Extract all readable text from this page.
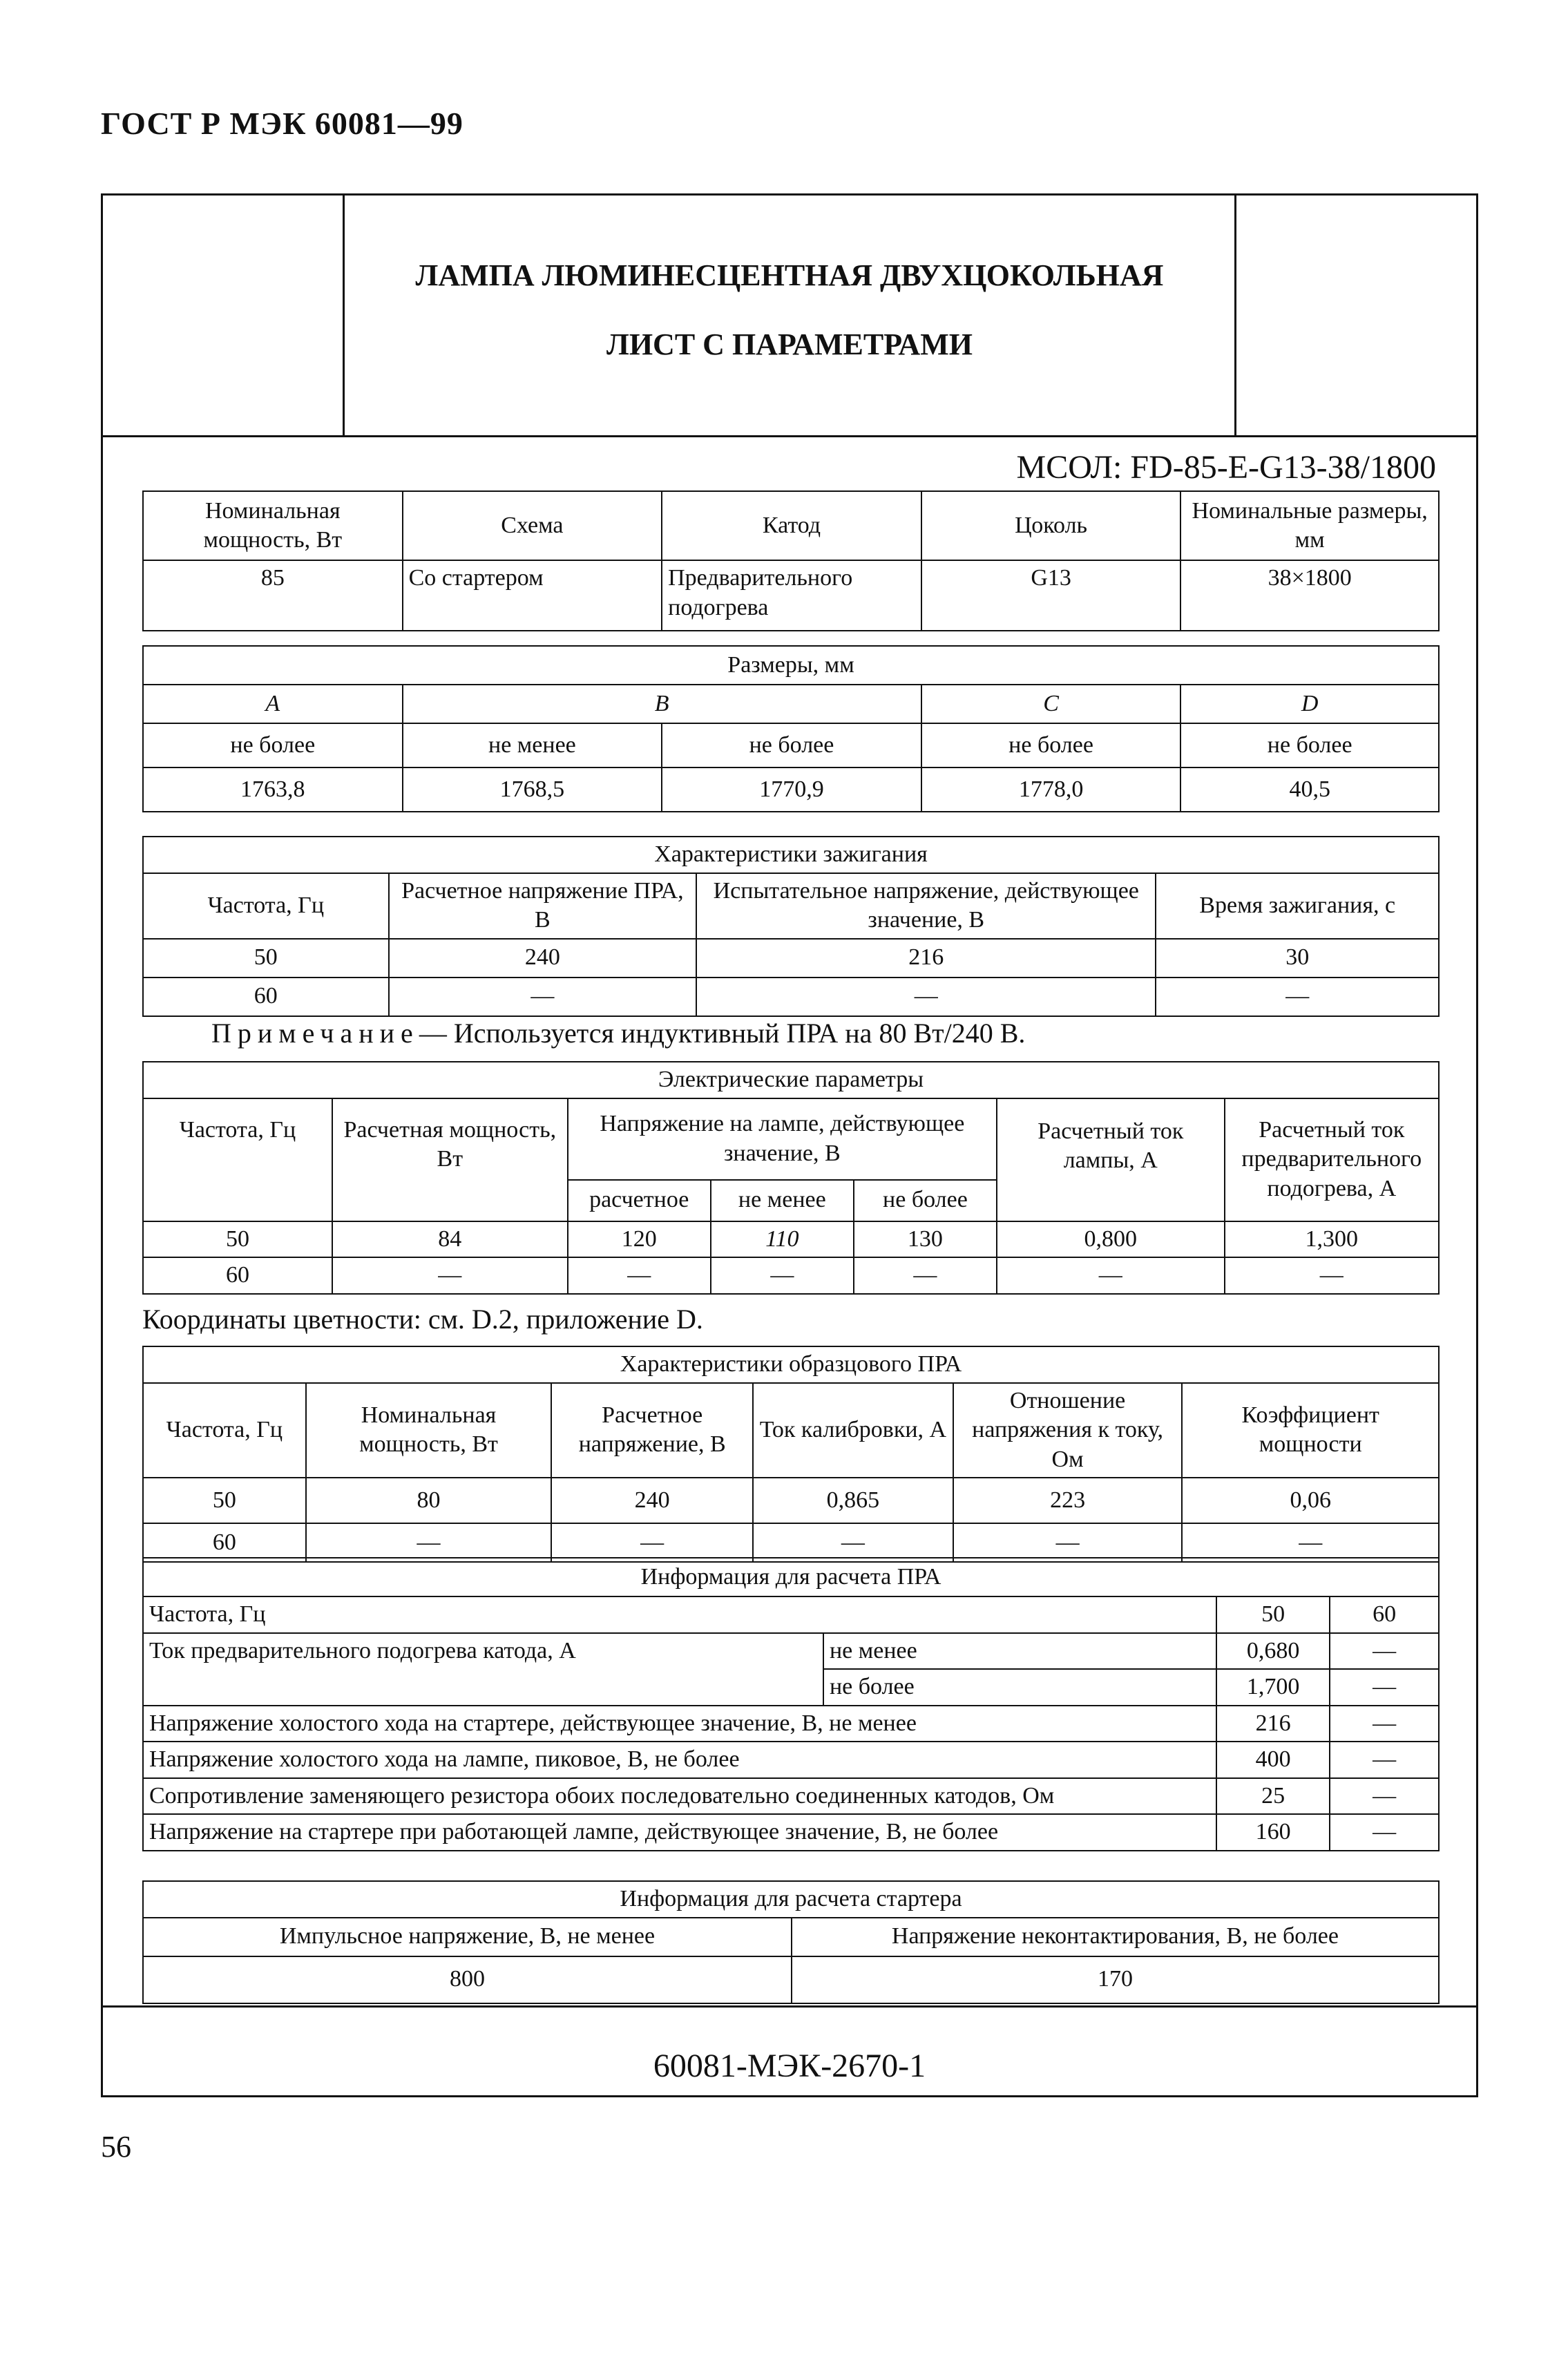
ГОСТ Р МЭК 60081—99
ЛАМПА ЛЮМИНЕСЦЕНТНАЯ ДВУХЦОКОЛЬНАЯ
ЛИСТ С ПАРАМЕТРАМИ
МСОЛ: FD-85-E-G13-38/1800
60081-МЭК-2670-1
Номинальная мощность, Вт	Схема	Катод	Цоколь	Номинальные размеры, мм
85	Со стартером	Предварительного подогрева	G13	38×1800
Размеры, мм				
A	B		C	D
не более	не менее	не более	не более	не более
1763,8	1768,5	1770,9	1778,0	40,5
Характеристики зажигания			
Частота, Гц	Расчетное напряжение ПРА, В	Испытательное напряжение, действующее значение, В	Время зажигания, с
50	240	216	30
60	—	—	—
Примечание— Используется индуктивный ПРА на 80 Вт/240 В.
Электрические параметры						
Частота, Гц	Расчетная мощность, Вт	Напряжение на лампе, действующее значение, В			Расчетный ток лампы, А	Расчетный ток предварительного подогрева, А
		расчетное	не менее	не более		
50	84	120	110	130	0,800	1,300
60	—	—	—	—	—	—
Координаты цветности: см. D.2, приложение D.
Характеристики образцового ПРА					
Частота, Гц	Номинальная мощность, Вт	Расчетное напряжение, В	Ток калибровки, А	Отношение напряжения к току, Ом	Коэффициент мощности
50	80	240	0,865	223	0,06
60	—	—	—	—	—
Информация для расчета ПРА			
Частота, Гц		50	60
Ток предварительного подогрева катода, А	не менее	0,680	—
	не более	1,700	—
Напряжение холостого хода на стартере, действующее значение, В, не менее		216	—
Напряжение холостого хода на лампе, пиковое, В, не более		400	—
Сопротивление заменяющего резистора обоих последовательно соединенных катодов, Ом		25	—
Напряжение на стартере при работающей лампе, действующее значение, В, не более		160	—
Информация для расчета стартера	
Импульсное напряжение, В, не менее	Напряжение неконтактирования, В, не более
800	170
56
